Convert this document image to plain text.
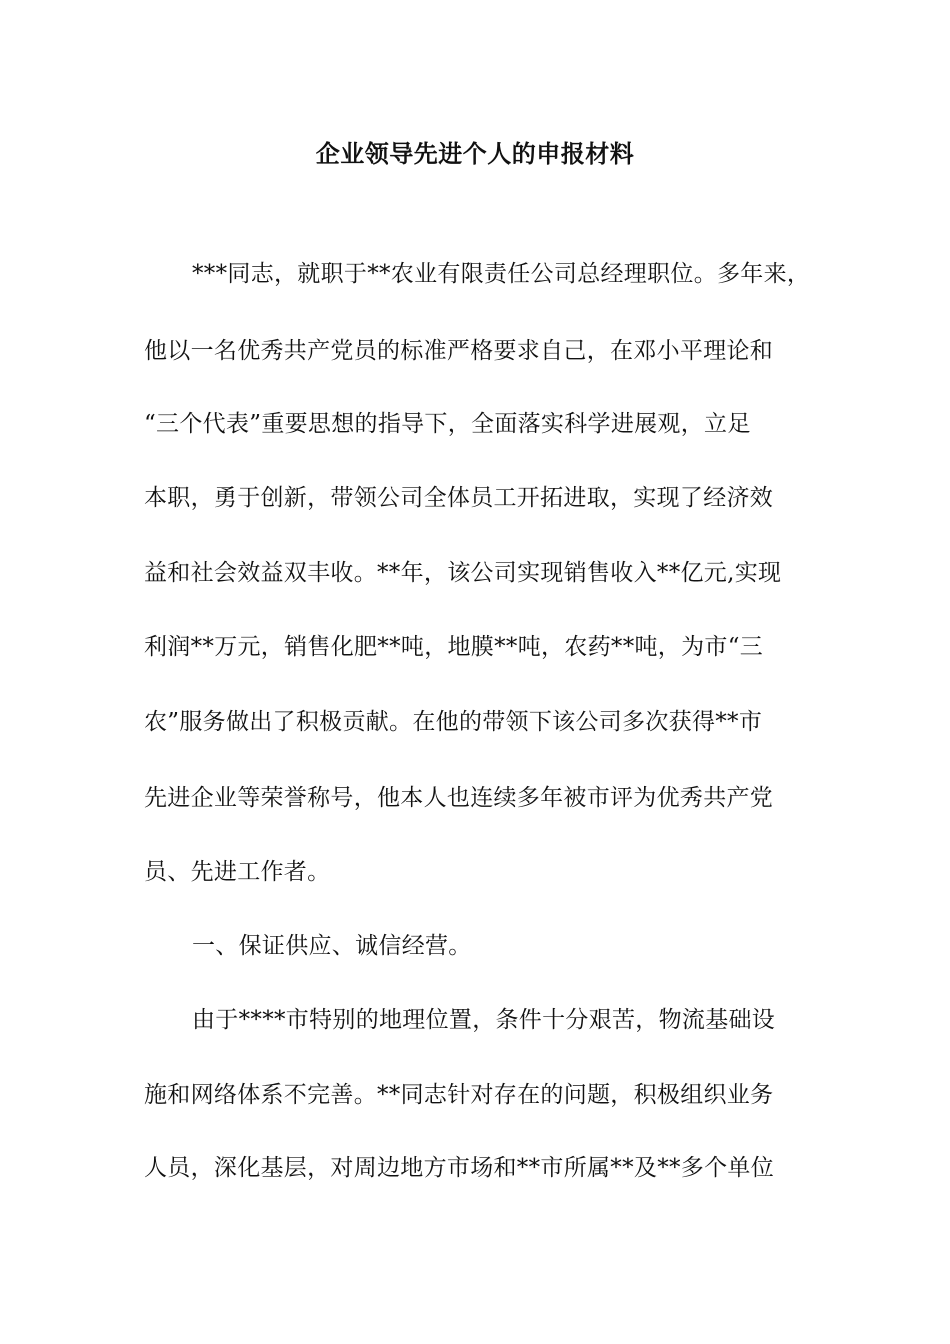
企业领导先进个人的申报材料
***同志，就职于**农业有限责任公司总经理职位。多年来，
他以一名优秀共产党员的标准严格要求自己，在邓小平理论和
“三个代表”重要思想的指导下，全面落实科学进展观，立足
本职，勇于创新，带领公司全体员工开拓进取，实现了经济效
益和社会效益双丰收。**年，该公司实现销售收入**亿元,实现
利润**万元，销售化肥**吨，地膜**吨，农药**吨，为市“三
农”服务做出了积极贡献。在他的带领下该公司多次获得**市
先进企业等荣誉称号，他本人也连续多年被市评为优秀共产党
员、先进工作者。
一、保证供应、诚信经营。
由于****市特别的地理位置，条件十分艰苦，物流基础设
施和网络体系不完善。**同志针对存在的问题，积极组织业务
人员，深化基层，对周边地方市场和**市所属**及**多个单位
